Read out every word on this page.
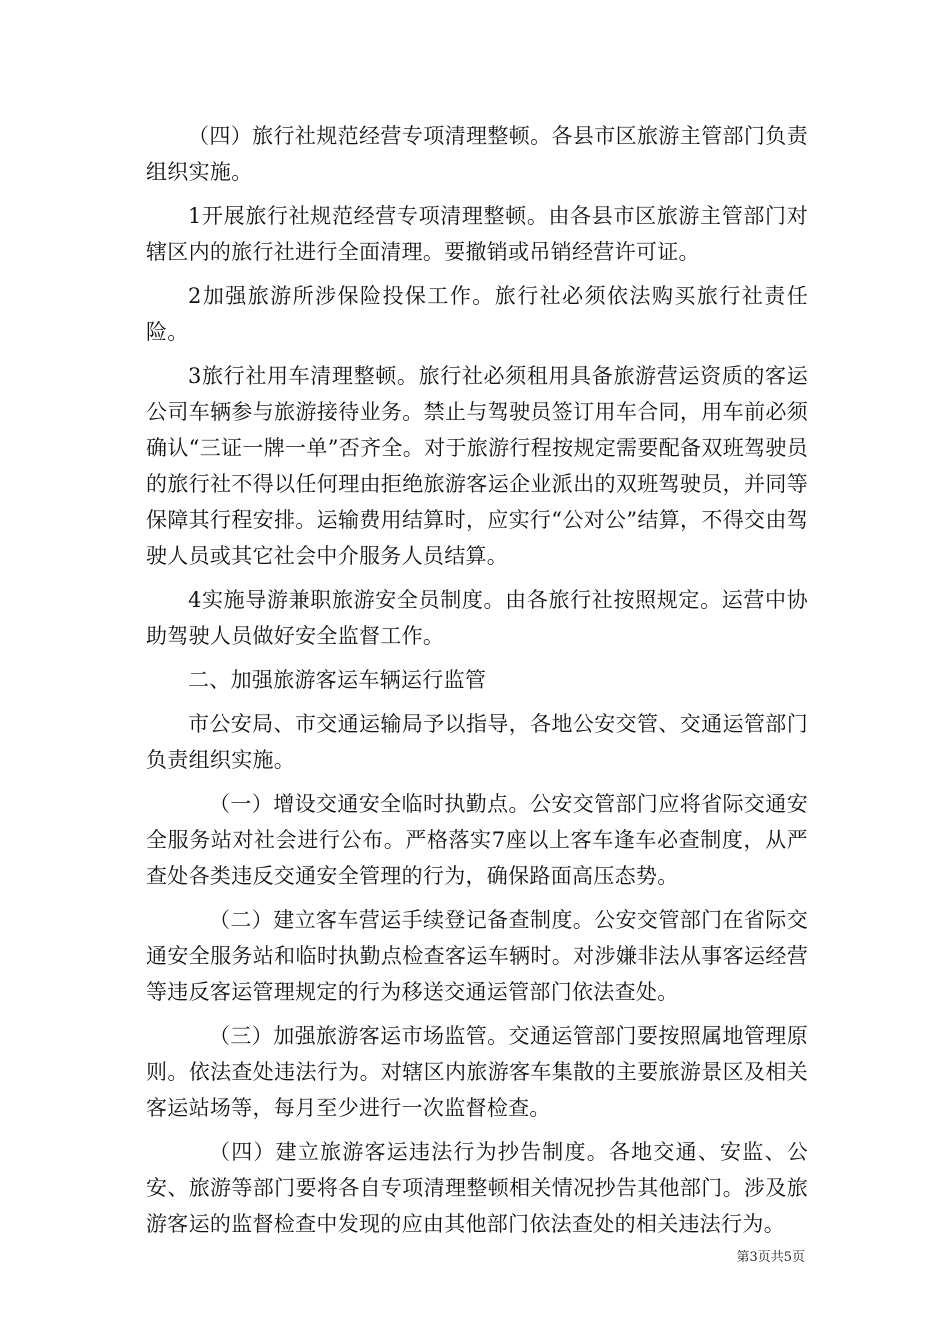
（四）旅行社规范经营专项清理整顿。各县市区旅游主管部门负责组织实施。

1开展旅行社规范经营专项清理整顿。由各县市区旅游主管部门对辖区内的旅行社进行全面清理。要撤销或吊销经营许可证。

2加强旅游所涉保险投保工作。旅行社必须依法购买旅行社责任险。

3旅行社用车清理整顿。旅行社必须租用具备旅游营运资质的客运公司车辆参与旅游接待业务。禁止与驾驶员签订用车合同，用车前必须确认“三证一牌一单”否齐全。对于旅游行程按规定需要配备双班驾驶员的旅行社不得以任何理由拒绝旅游客运企业派出的双班驾驶员，并同等保障其行程安排。运输费用结算时，应实行“公对公”结算，不得交由驾驶人员或其它社会中介服务人员结算。

4实施导游兼职旅游安全员制度。由各旅行社按照规定。运营中协助驾驶人员做好安全监督工作。

二、加强旅游客运车辆运行监管

市公安局、市交通运输局予以指导，各地公安交管、交通运管部门负责组织实施。

（一）增设交通安全临时执勤点。公安交管部门应将省际交通安全服务站对社会进行公布。严格落实7座以上客车逢车必查制度，从严查处各类违反交通安全管理的行为，确保路面高压态势。

（二）建立客车营运手续登记备查制度。公安交管部门在省际交通安全服务站和临时执勤点检查客运车辆时。对涉嫌非法从事客运经营等违反客运管理规定的行为移送交通运管部门依法查处。

（三）加强旅游客运市场监管。交通运管部门要按照属地管理原则。依法查处违法行为。对辖区内旅游客车集散的主要旅游景区及相关客运站场等，每月至少进行一次监督检查。

（四）建立旅游客运违法行为抄告制度。各地交通、安监、公安、旅游等部门要将各自专项清理整顿相关情况抄告其他部门。涉及旅游客运的监督检查中发现的应由其他部门依法查处的相关违法行为。

第3页共5页
